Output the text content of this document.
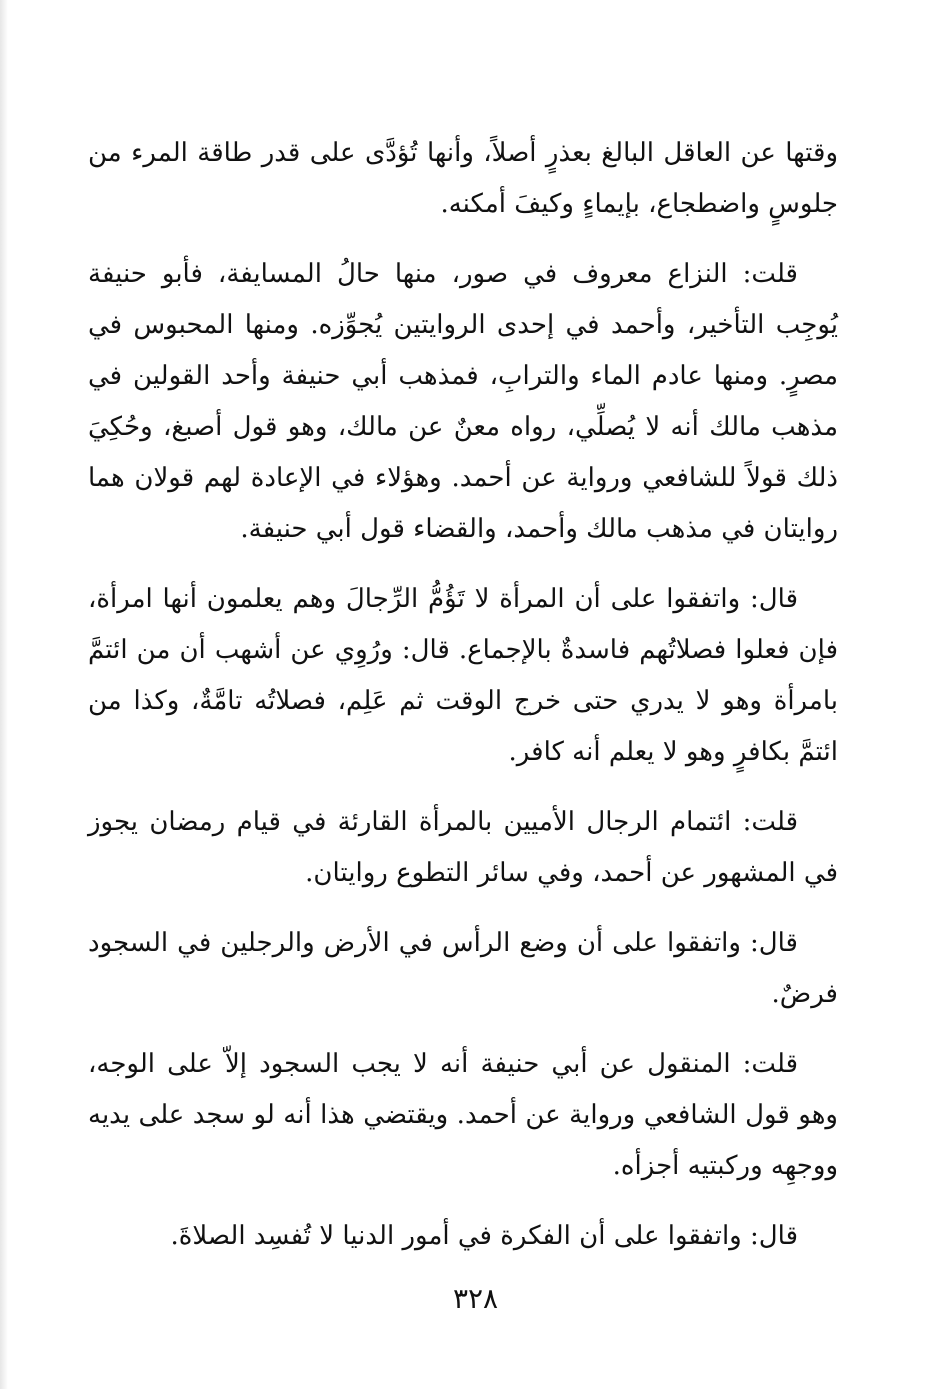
وقتها عن العاقل البالغ بعذرٍ أصلاً، وأنها تُؤدَّى على قدر طاقة المرء من جلوسٍ واضطجاع، بإيماءٍ وكيفَ أمكنه.

قلت: النزاع معروف في صور، منها حالُ المسايفة، فأبو حنيفة يُوجِب التأخير، وأحمد في إحدى الروايتين يُجوِّزه. ومنها المحبوس في مصرٍ. ومنها عادم الماء والترابِ، فمذهب أبي حنيفة وأحد القولين في مذهب مالك أنه لا يُصلِّي، رواه معنٌ عن مالك، وهو قول أصبغ، وحُكِيَ ذلك قولاً للشافعي ورواية عن أحمد. وهؤلاء في الإعادة لهم قولان هما روايتان في مذهب مالك وأحمد، والقضاء قول أبي حنيفة.

قال: واتفقوا على أن المرأة لا تَؤُمُّ الرِّجالَ وهم يعلمون أنها امرأة، فإن فعلوا فصلاتُهم فاسدةٌ بالإجماع. قال: ورُوِي عن أشهب أن من ائتمَّ بامرأة وهو لا يدري حتى خرج الوقت ثم عَلِم، فصلاتُه تامَّةٌ، وكذا من ائتمَّ بكافرٍ وهو لا يعلم أنه كافر.

قلت: ائتمام الرجال الأميين بالمرأة القارئة في قيام رمضان يجوز في المشهور عن أحمد، وفي سائر التطوع روايتان.

قال: واتفقوا على أن وضع الرأس في الأرض والرجلين في السجود فرضٌ.

قلت: المنقول عن أبي حنيفة أنه لا يجب السجود إلاّ على الوجه، وهو قول الشافعي ورواية عن أحمد. ويقتضي هذا أنه لو سجد على يديه ووجهِه وركبتيه أجزأه.

قال: واتفقوا على أن الفكرة في أمور الدنيا لا تُفسِد الصلاةَ.

٣٢٨
